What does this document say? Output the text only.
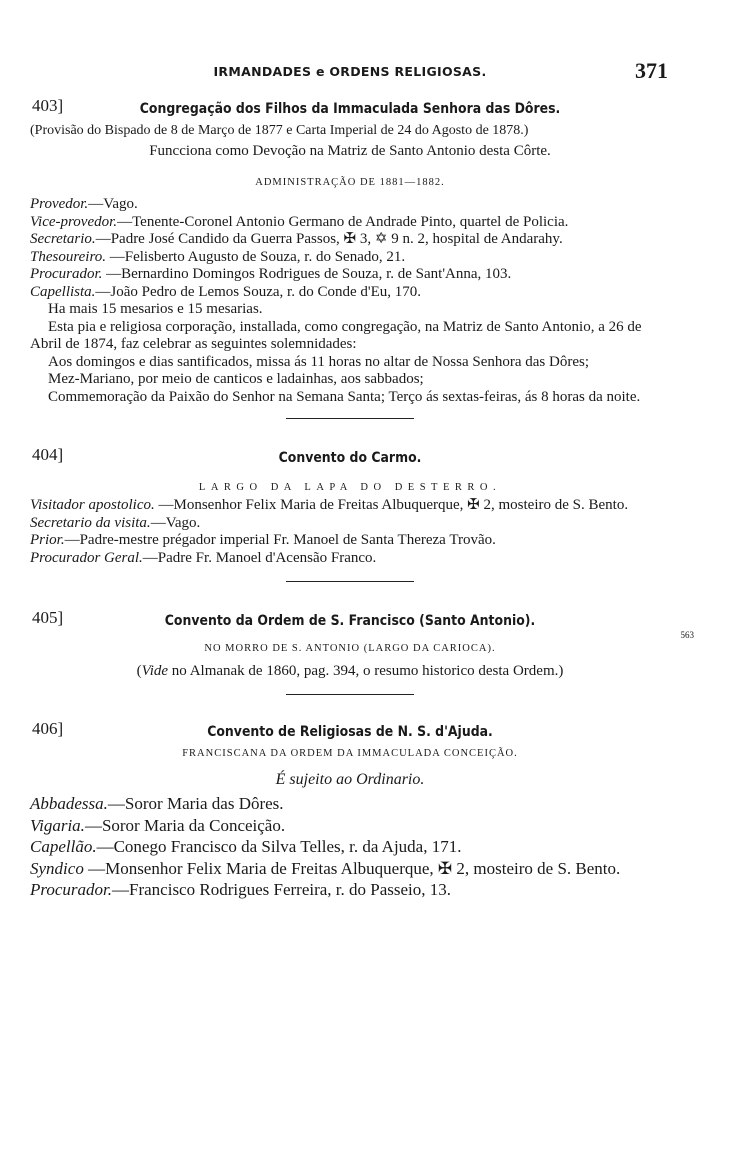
IRMANDADES e ORDENS RELIGIOSAS.	371
403]	Congregação dos Filhos da Immaculada Senhora das Dôres.

(Provisão do Bispado de 8 de Março de 1877 e Carta Imperial de 24 do Agosto de 1878.)

Funcciona como Devoção na Matriz de Santo Antonio desta Côrte.

ADMINISTRAÇÃO DE 1881—1882.

Provedor.—Vago.

Vice-provedor.—Tenente-Coronel Antonio Germano de Andrade Pinto, quartel de Policia.

Secretario.—Padre José Candido da Guerra Passos, ✠ 3, ✡ 9 n. 2, hospital de Andarahy.

Thesoureiro. —Felisberto Augusto de Souza, r. do Senado, 21.

Procurador. —Bernardino Domingos Rodrigues de Souza, r. de Sant'Anna, 103.

Capellista.—João Pedro de Lemos Souza, r. do Conde d'Eu, 170.

Ha mais 15 mesarios e 15 mesarias.

Esta pia e religiosa corporação, installada, como congregação, na Matriz de Santo Antonio, a 26 de Abril de 1874, faz celebrar as seguintes solemnidades:

Aos domingos e dias santificados, missa ás 11 horas no altar de Nossa Senhora das Dôres;

Mez-Mariano, por meio de canticos e ladainhas, aos sabbados;

Commemoração da Paixão do Senhor na Semana Santa; Terço ás sextas-feiras, ás 8 horas da noite.

404]	Convento do Carmo.
LARGO DA LAPA DO DESTERRO.

Visitador apostolico. —Monsenhor Felix Maria de Freitas Albuquerque, ✠ 2, mosteiro de S. Bento.

Secretario da visita.—Vago.

Prior.—Padre-mestre prégador imperial Fr. Manoel de Santa Thereza Trovão.

Procurador Geral.—Padre Fr. Manoel d'Acensão Franco.

405]	Convento da Ordem de S. Francisco (Santo Antonio).
NO MORRO DE S. ANTONIO (LARGO DA CARIOCA).

(Vide no Almanak de 1860, pag. 394, o resumo historico desta Ordem.)

563
406]	Convento de Religiosas de N. S. d'Ajuda.
FRANCISCANA DA ORDEM DA IMMACULADA CONCEIÇÃO.

É sujeito ao Ordinario.

Abbadessa.—Soror Maria das Dôres.

Vigaria.—Soror Maria da Conceição.

Capellão.—Conego Francisco da Silva Telles, r. da Ajuda, 171.

Syndico —Monsenhor Felix Maria de Freitas Albuquerque, ✠ 2, mosteiro de S. Bento.

Procurador.—Francisco Rodrigues Ferreira, r. do Passeio, 13.
